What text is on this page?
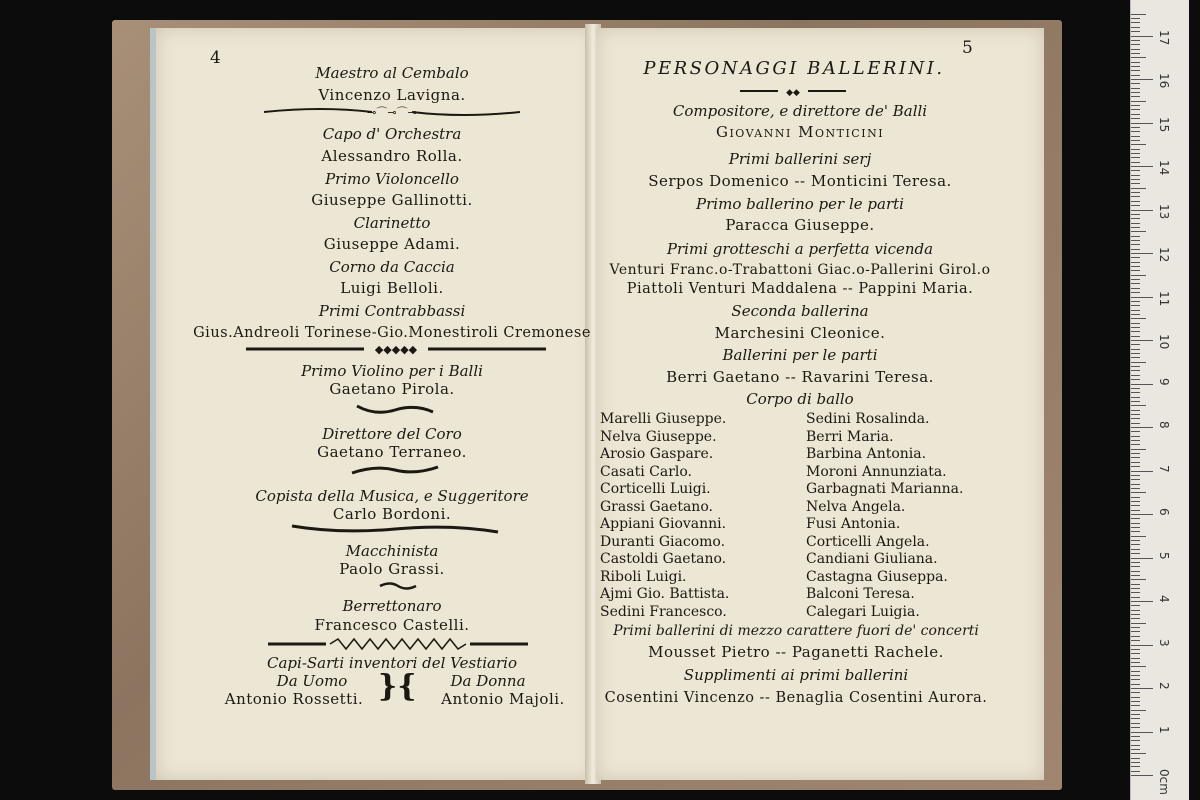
4	5
Maestro al Cembalo
Vincenzo Lavigna.
Capo d' Orchestra
Alessandro Rolla.
Primo Violoncello
Giuseppe Gallinotti.
Clarinetto
Giuseppe Adami.
Corno da Caccia
Luigi Belloli.
Primi Contrabbassi
Gius.Andreoli Torinese-Gio.Monestiroli Cremonese
Primo Violino per i Balli
Gaetano Pirola.
Direttore del Coro
Gaetano Terraneo.
Copista della Musica, e Suggeritore
Carlo Bordoni.
Macchinista
Paolo Grassi.
Berrettonaro
Francesco Castelli.
Capi-Sarti inventori del Vestiario
⊸⌒⊸⌒⊸
◆◆◆◆◆
Da Uomo
Antonio Rossetti. }{ Da Donna
Antonio Majoli.
PERSONAGGI BALLERINI.
◆◆
Compositore, e direttore de' Balli
Giovanni Monticini
Primi ballerini serj
Serpos Domenico -- Monticini Teresa.
Primo ballerino per le parti
Paracca Giuseppe.
Primi grotteschi a perfetta vicenda
Venturi Franc.o-Trabattoni Giac.o-Pallerini Girol.o
Piattoli Venturi Maddalena -- Pappini Maria.
Seconda ballerina
Marchesini Cleonice.
Ballerini per le parti
Berri Gaetano -- Ravarini Teresa.
Corpo di ballo
Marelli Giuseppe.
Nelva Giuseppe.
Arosio Gaspare.
Casati Carlo.
Corticelli Luigi.
Grassi Gaetano.
Appiani Giovanni.
Duranti Giacomo.
Castoldi Gaetano.
Riboli Luigi.
Ajmi Gio. Battista.
Sedini Francesco.
Sedini Rosalinda.
Berri Maria.
Barbina Antonia.
Moroni Annunziata.
Garbagnati Marianna.
Nelva Angela.
Fusi Antonia.
Corticelli Angela.
Candiani Giuliana.
Castagna Giuseppa.
Balconi Teresa.
Calegari Luigia.
Primi ballerini di mezzo carattere fuori de' concerti
Mousset Pietro -- Paganetti Rachele.
Supplimenti ai primi ballerini
Cosentini Vincenzo -- Benaglia Cosentini Aurora.
0cm
1
2
3
4
5
6
7
8
9
10
11
12
13
14
15
16
17
